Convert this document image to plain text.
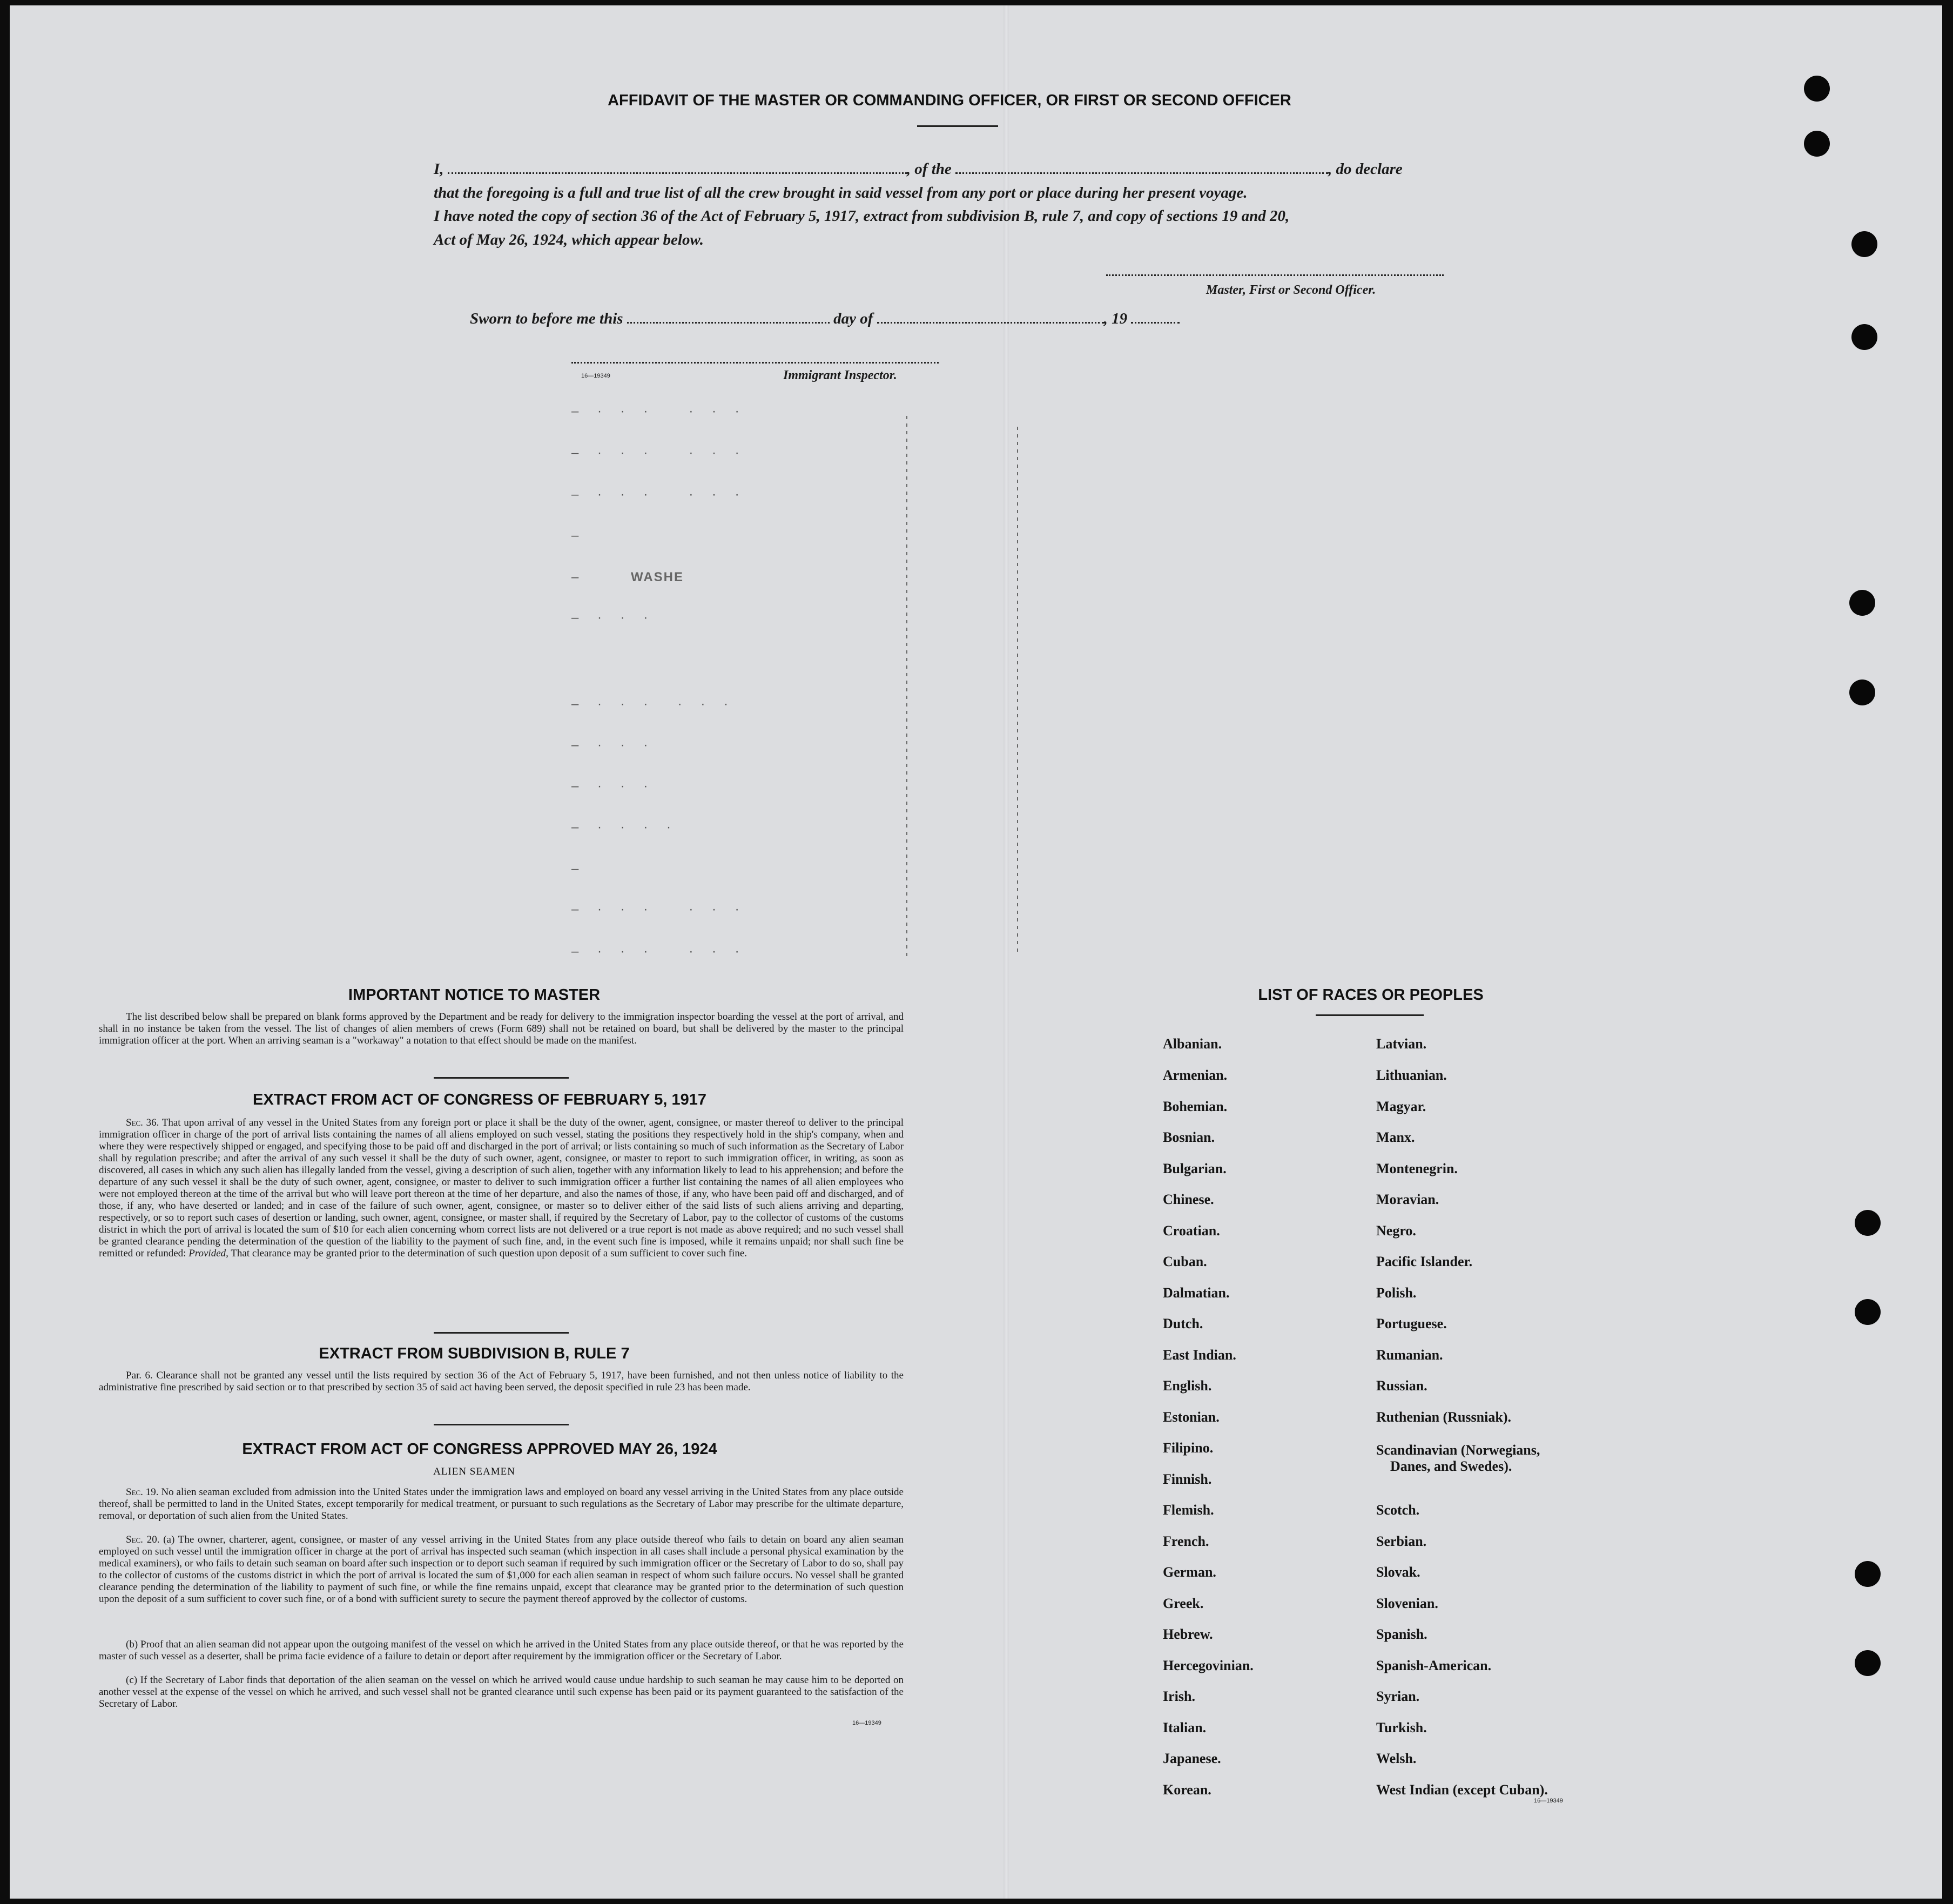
AFFIDAVIT OF THE MASTER OR COMMANDING OFFICER, OR FIRST OR SECOND OFFICER
I,	, of the	, do declare
that the foregoing is a full and true list of all the crew brought in said vessel from any port or place during her present voyage.
I have noted the copy of section 36 of the Act of February 5, 1917, extract from subdivision B, rule 7, and copy of sections 19 and 20,
Act of May 26, 1924, which appear below.
Master, First or Second Officer.
Sworn to before me this	day of	, 19
16—19349	Immigrant Inspector.
– · · ·   · · ·
– · · ·   · · ·
– · · ·   · · ·
–
–	WASHE
– · · ·
– · · ·  · · ·
– · · ·
– · · ·
– · · · ·
–
– · · ·   · · ·
– · · ·   · · ·
IMPORTANT NOTICE TO MASTER

The list described below shall be prepared on blank forms approved by the Department and be ready for delivery to the immigration inspector boarding the vessel at the port of arrival, and shall in no instance be taken from the vessel. The list of changes of alien members of crews (Form 689) shall not be retained on board, but shall be delivered by the master to the principal immigration officer at the port. When an arriving seaman is a "workaway" a notation to that effect should be made on the manifest.

EXTRACT FROM ACT OF CONGRESS OF FEBRUARY 5, 1917

Sec. 36. That upon arrival of any vessel in the United States from any foreign port or place it shall be the duty of the owner, agent, consignee, or master thereof to deliver to the principal immigration officer in charge of the port of arrival lists containing the names of all aliens employed on such vessel, stating the positions they respectively hold in the ship's company, when and where they were respectively shipped or engaged, and specifying those to be paid off and discharged in the port of arrival; or lists containing so much of such information as the Secretary of Labor shall by regulation prescribe; and after the arrival of any such vessel it shall be the duty of such owner, agent, consignee, or master to report to such immigration officer, in writing, as soon as discovered, all cases in which any such alien has illegally landed from the vessel, giving a description of such alien, together with any information likely to lead to his apprehension; and before the departure of any such vessel it shall be the duty of such owner, agent, consignee, or master to deliver to such immigration officer a further list containing the names of all alien employees who were not employed thereon at the time of the arrival but who will leave port thereon at the time of her departure, and also the names of those, if any, who have been paid off and discharged, and of those, if any, who have deserted or landed; and in case of the failure of such owner, agent, consignee, or master so to deliver either of the said lists of such aliens arriving and departing, respectively, or so to report such cases of desertion or landing, such owner, agent, consignee, or master shall, if required by the Secretary of Labor, pay to the collector of customs of the customs district in which the port of arrival is located the sum of $10 for each alien concerning whom correct lists are not delivered or a true report is not made as above required; and no such vessel shall be granted clearance pending the determination of the question of the liability to the payment of such fine, and, in the event such fine is imposed, while it remains unpaid; nor shall such fine be remitted or refunded: Provided, That clearance may be granted prior to the determination of such question upon deposit of a sum sufficient to cover such fine.

EXTRACT FROM SUBDIVISION B, RULE 7

Par. 6. Clearance shall not be granted any vessel until the lists required by section 36 of the Act of February 5, 1917, have been furnished, and not then unless notice of liability to the administrative fine prescribed by said section or to that prescribed by section 35 of said act having been served, the deposit specified in rule 23 has been made.

EXTRACT FROM ACT OF CONGRESS APPROVED MAY 26, 1924
ALIEN SEAMEN

Sec. 19. No alien seaman excluded from admission into the United States under the immigration laws and employed on board any vessel arriving in the United States from any place outside thereof, shall be permitted to land in the United States, except temporarily for medical treatment, or pursuant to such regulations as the Secretary of Labor may prescribe for the ultimate departure, removal, or deportation of such alien from the United States.

Sec. 20. (a) The owner, charterer, agent, consignee, or master of any vessel arriving in the United States from any place outside thereof who fails to detain on board any alien seaman employed on such vessel until the immigration officer in charge at the port of arrival has inspected such seaman (which inspection in all cases shall include a personal physical examination by the medical examiners), or who fails to detain such seaman on board after such inspection or to deport such seaman if required by such immigration officer or the Secretary of Labor to do so, shall pay to the collector of customs of the customs district in which the port of arrival is located the sum of $1,000 for each alien seaman in respect of whom such failure occurs. No vessel shall be granted clearance pending the determination of the liability to payment of such fine, or while the fine remains unpaid, except that clearance may be granted prior to the determination of such question upon the deposit of a sum sufficient to cover such fine, or of a bond with sufficient surety to secure the payment thereof approved by the collector of customs.

(b) Proof that an alien seaman did not appear upon the outgoing manifest of the vessel on which he arrived in the United States from any place outside thereof, or that he was reported by the master of such vessel as a deserter, shall be prima facie evidence of a failure to detain or deport after requirement by the immigration officer or the Secretary of Labor.

(c) If the Secretary of Labor finds that deportation of the alien seaman on the vessel on which he arrived would cause undue hardship to such seaman he may cause him to be deported on another vessel at the expense of the vessel on which he arrived, and such vessel shall not be granted clearance until such expense has been paid or its payment guaranteed to the satisfaction of the Secretary of Labor.

16—19349
LIST OF RACES OR PEOPLES
Albanian.
Armenian.
Bohemian.
Bosnian.
Bulgarian.
Chinese.
Croatian.
Cuban.
Dalmatian.
Dutch.
East Indian.
English.
Estonian.
Filipino.
Finnish.
Flemish.
French.
German.
Greek.
Hebrew.
Hercegovinian.
Irish.
Italian.
Japanese.
Korean.
Latvian.
Lithuanian.
Magyar.
Manx.
Montenegrin.
Moravian.
Negro.
Pacific Islander.
Polish.
Portuguese.
Rumanian.
Russian.
Ruthenian (Russniak).
Scandinavian (Norwegians,
Danes, and Swedes).
Scotch.
Serbian.
Slovak.
Slovenian.
Spanish.
Spanish-American.
Syrian.
Turkish.
Welsh.
West Indian (except Cuban).
16—19349
